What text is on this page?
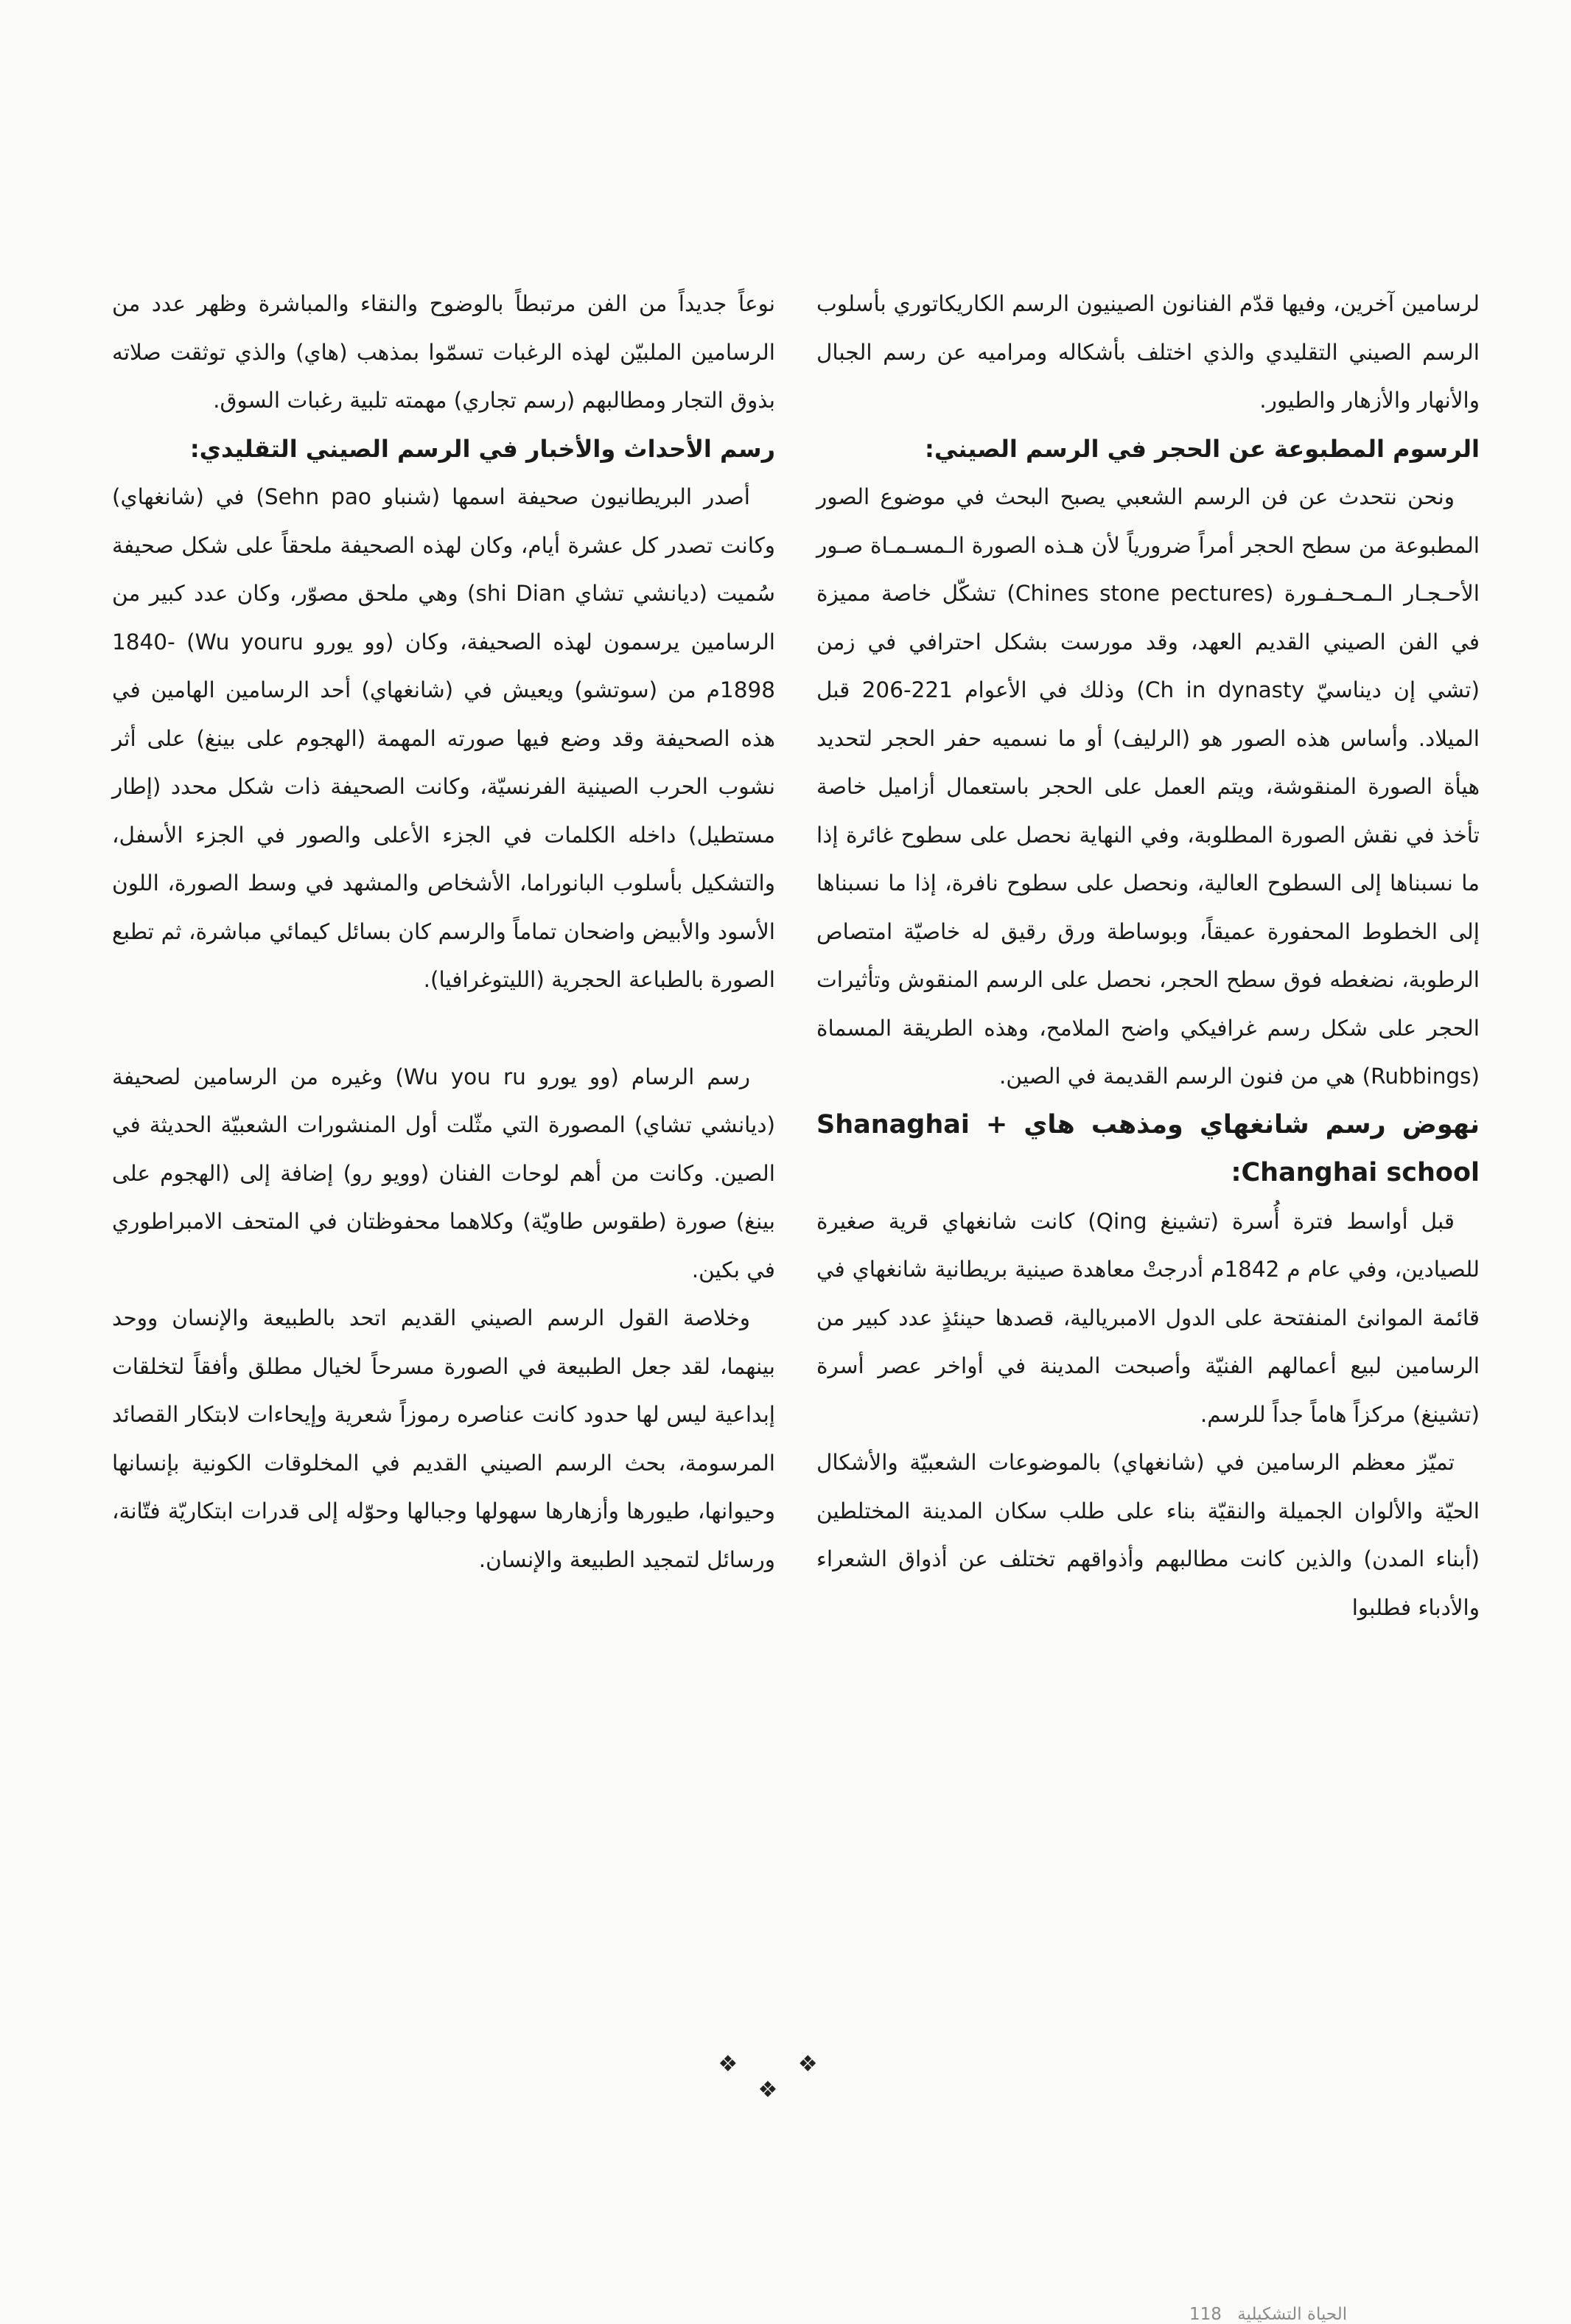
لرسامين آخرين، وفيها قدّم الفنانون الصينيون الرسم الكاريكاتوري بأسلوب الرسم الصيني التقليدي والذي اختلف بأشكاله ومراميه عن رسم الجبال والأنهار والأزهار والطيور.

الرسوم المطبوعة عن الحجر في الرسم الصيني:

ونحن نتحدث عن فن الرسم الشعبي يصبح البحث في موضوع الصور المطبوعة من سطح الحجر أمراً ضرورياً لأن هـذه الصورة الـمسـمـاة صـور الأحـجـار الـمـحـفـورة (Chines stone pectures) تشكّل خاصة مميزة في الفن الصيني القديم العهد، وقد مورست بشكل احترافي في زمن (تشي إن ديناسيّ Ch in dynasty) وذلك في الأعوام 221-206 قبل الميلاد. وأساس هذه الصور هو (الرليف) أو ما نسميه حفر الحجر لتحديد هيأة الصورة المنقوشة، ويتم العمل على الحجر باستعمال أزاميل خاصة تأخذ في نقش الصورة المطلوبة، وفي النهاية نحصل على سطوح غائرة إذا ما نسبناها إلى السطوح العالية، ونحصل على سطوح نافرة، إذا ما نسبناها إلى الخطوط المحفورة عميقاً، وبوساطة ورق رقيق له خاصيّة امتصاص الرطوبة، نضغطه فوق سطح الحجر، نحصل على الرسم المنقوش وتأثيرات الحجر على شكل رسم غرافيكي واضح الملامح، وهذه الطريقة المسماة (Rubbings) هي من فنون الرسم القديمة في الصين.

نهوض رسم شانغهاي ومذهب هاي Shanaghai + Changhai school:

قبل أواسط فترة أُسرة (تشينغ Qing) كانت شانغهاي قرية صغيرة للصيادين، وفي عام م 1842م أدرجتْ معاهدة صينية بريطانية شانغهاي في قائمة الموانئ المنفتحة على الدول الامبريالية، قصدها حينئذٍ عدد كبير من الرسامين لبيع أعمالهم الفنيّة وأصبحت المدينة في أواخر عصر أسرة (تشينغ) مركزاً هاماً جداً للرسم.

تميّز معظم الرسامين في (شانغهاي) بالموضوعات الشعبيّة والأشكال الحيّة والألوان الجميلة والنقيّة بناء على طلب سكان المدينة المختلطين (أبناء المدن) والذين كانت مطالبهم وأذواقهم تختلف عن أذواق الشعراء والأدباء فطلبوا

نوعاً جديداً من الفن مرتبطاً بالوضوح والنقاء والمباشرة وظهر عدد من الرسامين الملبيّن لهذه الرغبات تسمّوا بمذهب (هاي) والذي توثقت صلاته بذوق التجار ومطالبهم (رسم تجاري) مهمته تلبية رغبات السوق.

رسم الأحداث والأخبار في الرسم الصيني التقليدي:

أصدر البريطانيون صحيفة اسمها (شنباو Sehn pao) في (شانغهاي) وكانت تصدر كل عشرة أيام، وكان لهذه الصحيفة ملحقاً على شكل صحيفة سُميت (ديانشي تشاي shi Dian) وهي ملحق مصوّر، وكان عدد كبير من الرسامين يرسمون لهذه الصحيفة، وكان (وو يورو Wu youru) 1840-1898م من (سوتشو) ويعيش في (شانغهاي) أحد الرسامين الهامين في هذه الصحيفة وقد وضع فيها صورته المهمة (الهجوم على بينغ) على أثر نشوب الحرب الصينية الفرنسيّة، وكانت الصحيفة ذات شكل محدد (إطار مستطيل) داخله الكلمات في الجزء الأعلى والصور في الجزء الأسفل، والتشكيل بأسلوب البانوراما، الأشخاص والمشهد في وسط الصورة، اللون الأسود والأبيض واضحان تماماً والرسم كان بسائل كيمائي مباشرة، ثم تطبع الصورة بالطباعة الحجرية (الليتوغرافيا).

رسم الرسام (وو يورو Wu you ru) وغيره من الرسامين لصحيفة (ديانشي تشاي) المصورة التي مثّلت أول المنشورات الشعبيّة الحديثة في الصين. وكانت من أهم لوحات الفنان (وويو رو) إضافة إلى (الهجوم على بينغ) صورة (طقوس طاويّة) وكلاهما محفوظتان في المتحف الامبراطوري في بكين.

وخلاصة القول الرسم الصيني القديم اتحد بالطبيعة والإنسان ووحد بينهما، لقد جعل الطبيعة في الصورة مسرحاً لخيال مطلق وأفقاً لتخلقات إبداعية ليس لها حدود كانت عناصره رموزاً شعرية وإيحاءات لابتكار القصائد المرسومة، بحث الرسم الصيني القديم في المخلوقات الكونية بإنسانها وحيوانها، طيورها وأزهارها سهولها وجبالها وحوّله إلى قدرات ابتكاريّة فتّانة، ورسائل لتمجيد الطبيعة والإنسان.

❖ ❖ ❖
الحياة التشكيلية 118
